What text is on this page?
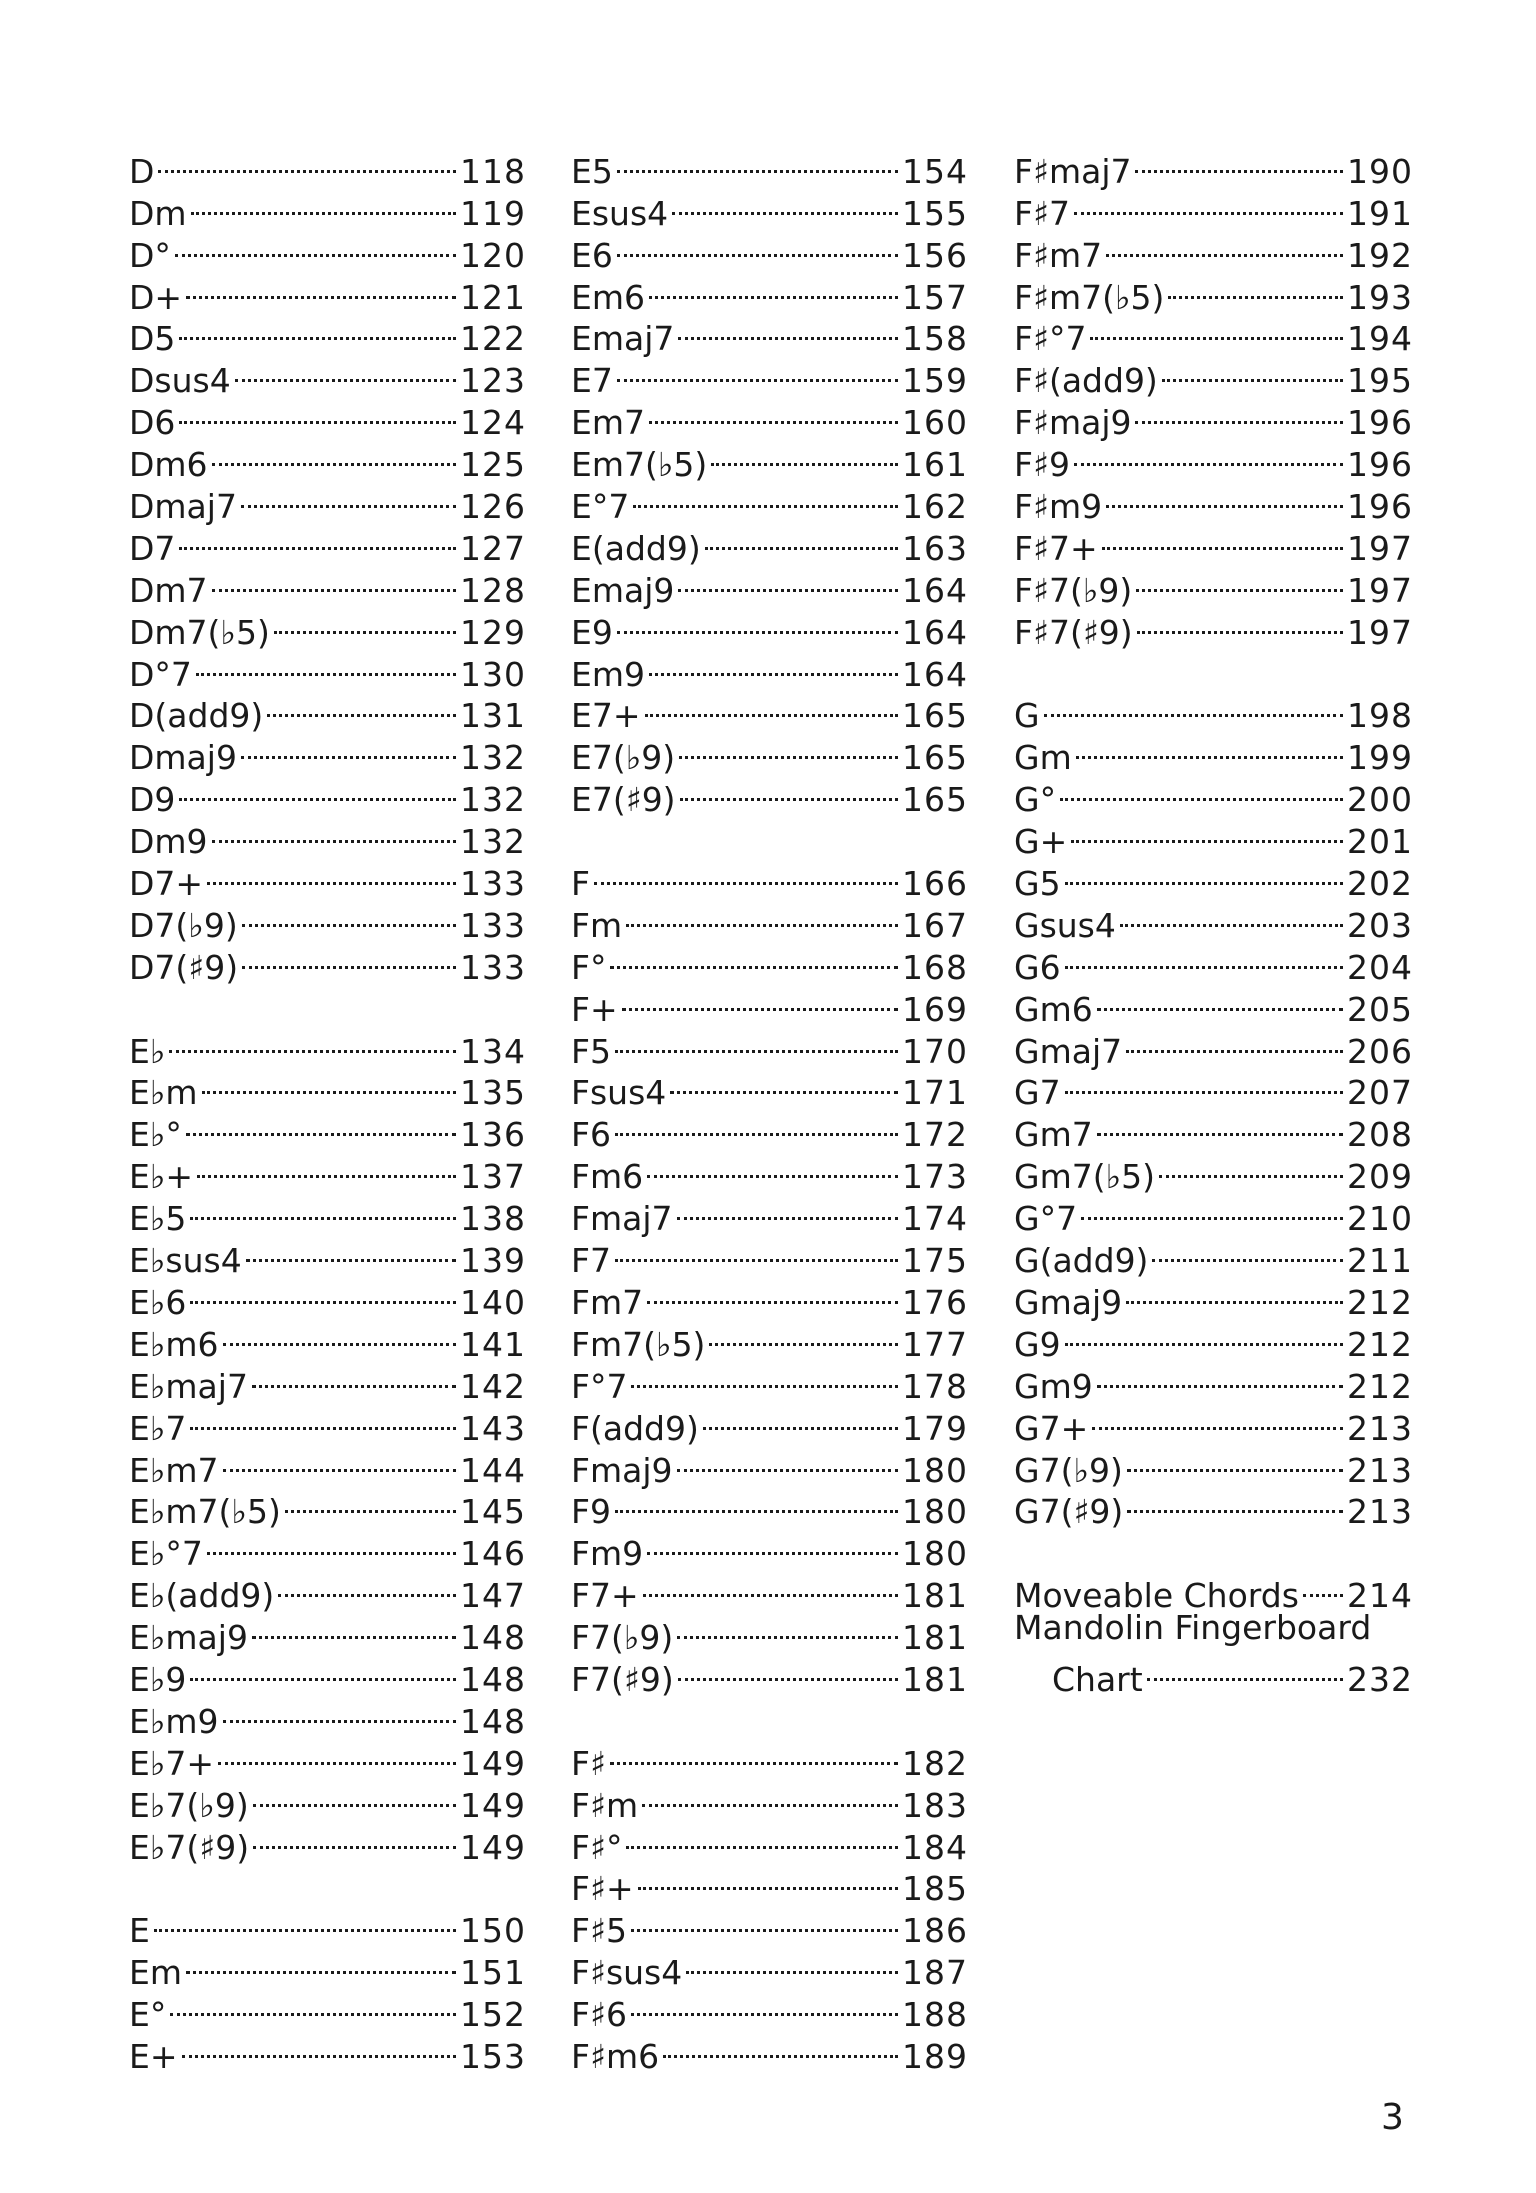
D	118
Dm	119
D°	120
D+	121
D5	122
Dsus4	123
D6	124
Dm6	125
Dmaj7	126
D7	127
Dm7	128
Dm7(♭5)	129
D°7	130
D(add9)	131
Dmaj9	132
D9	132
Dm9	132
D7+	133
D7(♭9)	133
D7(♯9)	133
E♭	134
E♭m	135
E♭°	136
E♭+	137
E♭5	138
E♭sus4	139
E♭6	140
E♭m6	141
E♭maj7	142
E♭7	143
E♭m7	144
E♭m7(♭5)	145
E♭°7	146
E♭(add9)	147
E♭maj9	148
E♭9	148
E♭m9	148
E♭7+	149
E♭7(♭9)	149
E♭7(♯9)	149
E	150
Em	151
E°	152
E+	153
E5	154
Esus4	155
E6	156
Em6	157
Emaj7	158
E7	159
Em7	160
Em7(♭5)	161
E°7	162
E(add9)	163
Emaj9	164
E9	164
Em9	164
E7+	165
E7(♭9)	165
E7(♯9)	165
F	166
Fm	167
F°	168
F+	169
F5	170
Fsus4	171
F6	172
Fm6	173
Fmaj7	174
F7	175
Fm7	176
Fm7(♭5)	177
F°7	178
F(add9)	179
Fmaj9	180
F9	180
Fm9	180
F7+	181
F7(♭9)	181
F7(♯9)	181
F♯	182
F♯m	183
F♯°	184
F♯+	185
F♯5	186
F♯sus4	187
F♯6	188
F♯m6	189
F♯maj7	190
F♯7	191
F♯m7	192
F♯m7(♭5)	193
F♯°7	194
F♯(add9)	195
F♯maj9	196
F♯9	196
F♯m9	196
F♯7+	197
F♯7(♭9)	197
F♯7(♯9)	197
G	198
Gm	199
G°	200
G+	201
G5	202
Gsus4	203
G6	204
Gm6	205
Gmaj7	206
G7	207
Gm7	208
Gm7(♭5)	209
G°7	210
G(add9)	211
Gmaj9	212
G9	212
Gm9	212
G7+	213
G7(♭9)	213
G7(♯9)	213
Moveable Chords 214
Mandolin Fingerboard
Chart	232
3
